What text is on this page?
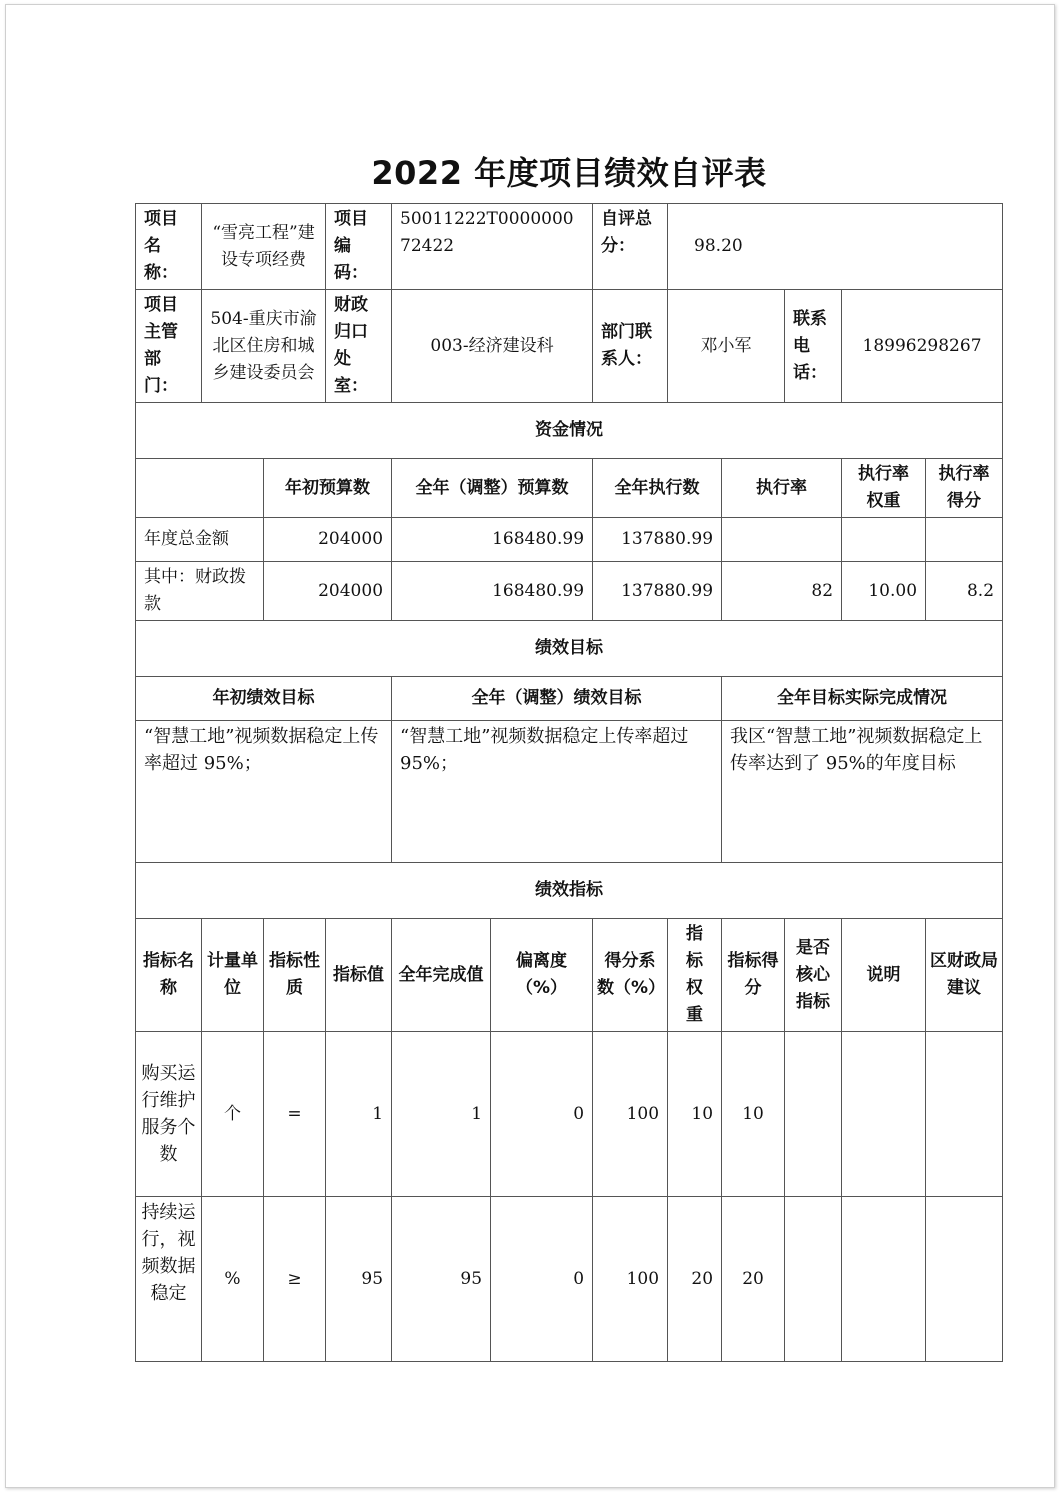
2022 年度项目绩效自评表
项目名称：	“雪亮工程”建设专项经费		项目编码：	50011222T000000072422		自评总分：	98.20				
项目主管部门：	504-重庆市渝北区住房和城乡建设委员会		财政归口处室：	003-经济建设科		部门联系人：	邓小军		联系电话：	18996298267	
资金情况											
		年初预算数		全年（调整）预算数		全年执行数		执行率		执行率权重	执行率得分
年度总金额		204000		168480.99		137880.99					
其中：财政拨款		204000		168480.99		137880.99		82		10.00	8.2
绩效目标											
年初绩效目标				全年（调整）绩效目标				全年目标实际完成情况			
“智慧工地”视频数据稳定上传率超过 95%；				“智慧工地”视频数据稳定上传率超过 95%；				我区“智慧工地”视频数据稳定上传率达到了 95%的年度目标			
绩效指标											
指标名称	计量单位	指标性质	指标值	全年完成值	偏离度（%）	得分系数（%）	指标权重	指标得分	是否核心指标	说明	区财政局建议
购买运行维护服务个数	个	=	1	1	0	100	10	10			
持续运行，视频数据稳定	%	≥	95	95	0	100	20	20			
